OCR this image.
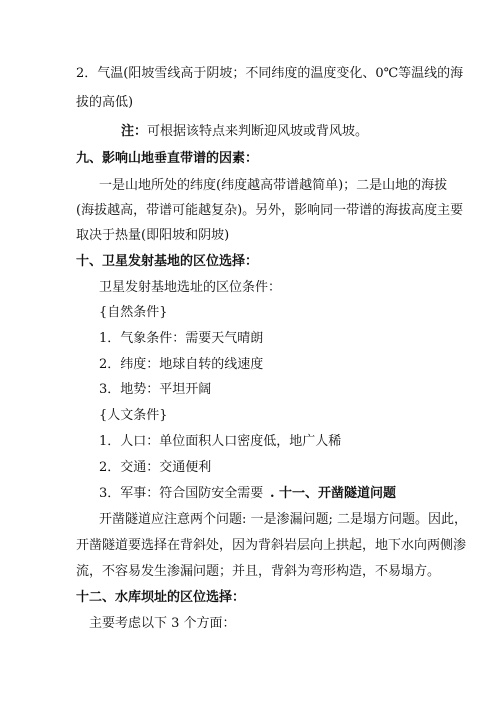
2．气温(阳坡雪线高于阴坡；不同纬度的温度变化、0℃等温线的海
拔的高低)
注：可根据该特点来判断迎风坡或背风坡。
九、影响山地垂直带谱的因素：
一是山地所处的纬度(纬度越高带谱越简单)；二是山地的海拔
(海拔越高，带谱可能越复杂)。另外，影响同一带谱的海拔高度主要
取决于热量(即阳坡和阴坡)
十、卫星发射基地的区位选择：
卫星发射基地选址的区位条件：
{自然条件}
1．气象条件：需要天气晴朗
2．纬度：地球自转的线速度
3．地势：平坦开阔
{人文条件}
1．人口：单位面积人口密度低，地广人稀
2．交通：交通便利
3．军事：符合国防安全需要 . 十一、开凿隧道问题
开凿隧道应注意两个问题: 一是渗漏问题; 二是塌方问题。因此，
开凿隧道要选择在背斜处，因为背斜岩层向上拱起，地下水向两侧渗
流，不容易发生渗漏问题；并且，背斜为弯形构造，不易塌方。
十二、水库坝址的区位选择：
主要考虑以下 3 个方面：
